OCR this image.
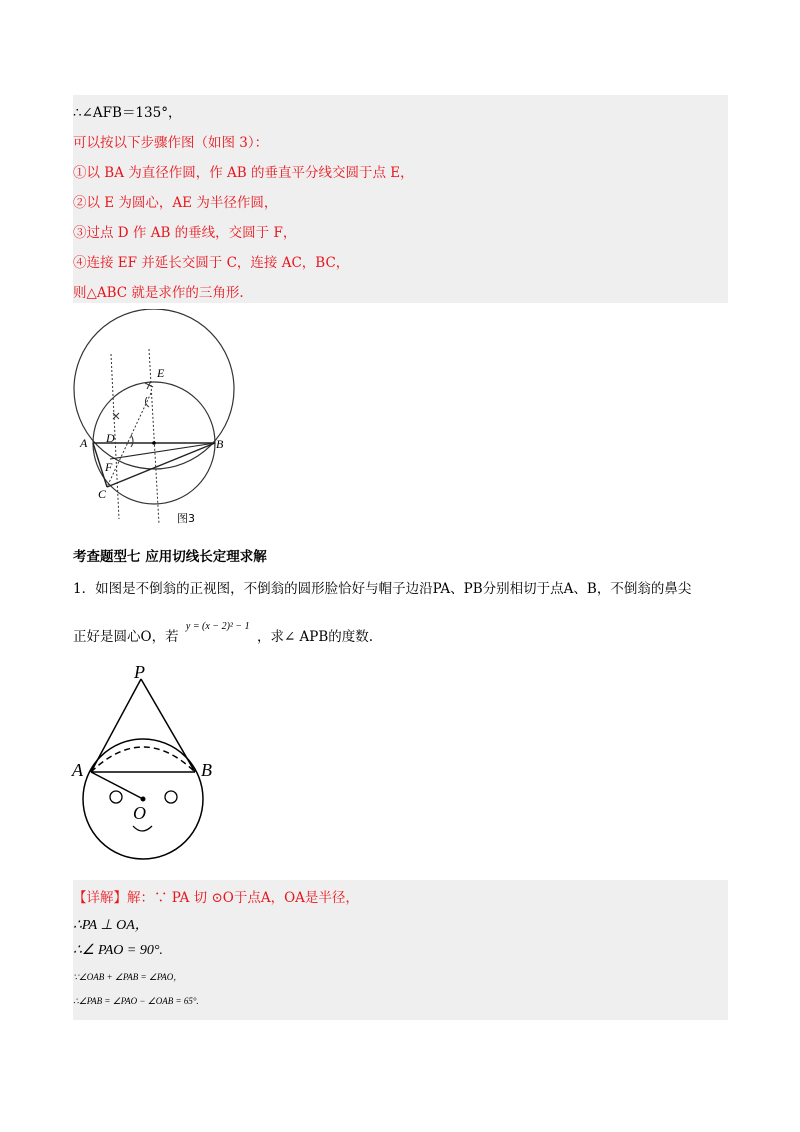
∴∠AFB＝135°，
可以按以下步骤作图（如图 3）：
①以 BA 为直径作圆，作 AB 的垂直平分线交圆于点 E，
②以 E 为圆心，AE 为半径作圆，
③过点 D 作 AB 的垂线，交圆于 F，
④连接 EF 并延长交圆于 C，连接 AC，BC，
则△ABC 就是求作的三角形.
A	B
C
D
E
F
图3
考查题型七 应用切线长定理求解
1．如图是不倒翁的正视图，不倒翁的圆形脸恰好与帽子边沿PA、PB分别相切于点A、B，不倒翁的鼻尖
正好是圆心O，若 $^{y = (x - 2)^2 - 1}$ ，求∠ APB的度数.
P
A	B
O
【详解】解：∵ PA 切 ⊙O于点A，OA是半径，
∴PA ⊥ OA，
∴∠ PAO = 90°.
∵∠OAB + ∠PAB = ∠PAO，
∴∠PAB = ∠PAO − ∠OAB = 65°.
